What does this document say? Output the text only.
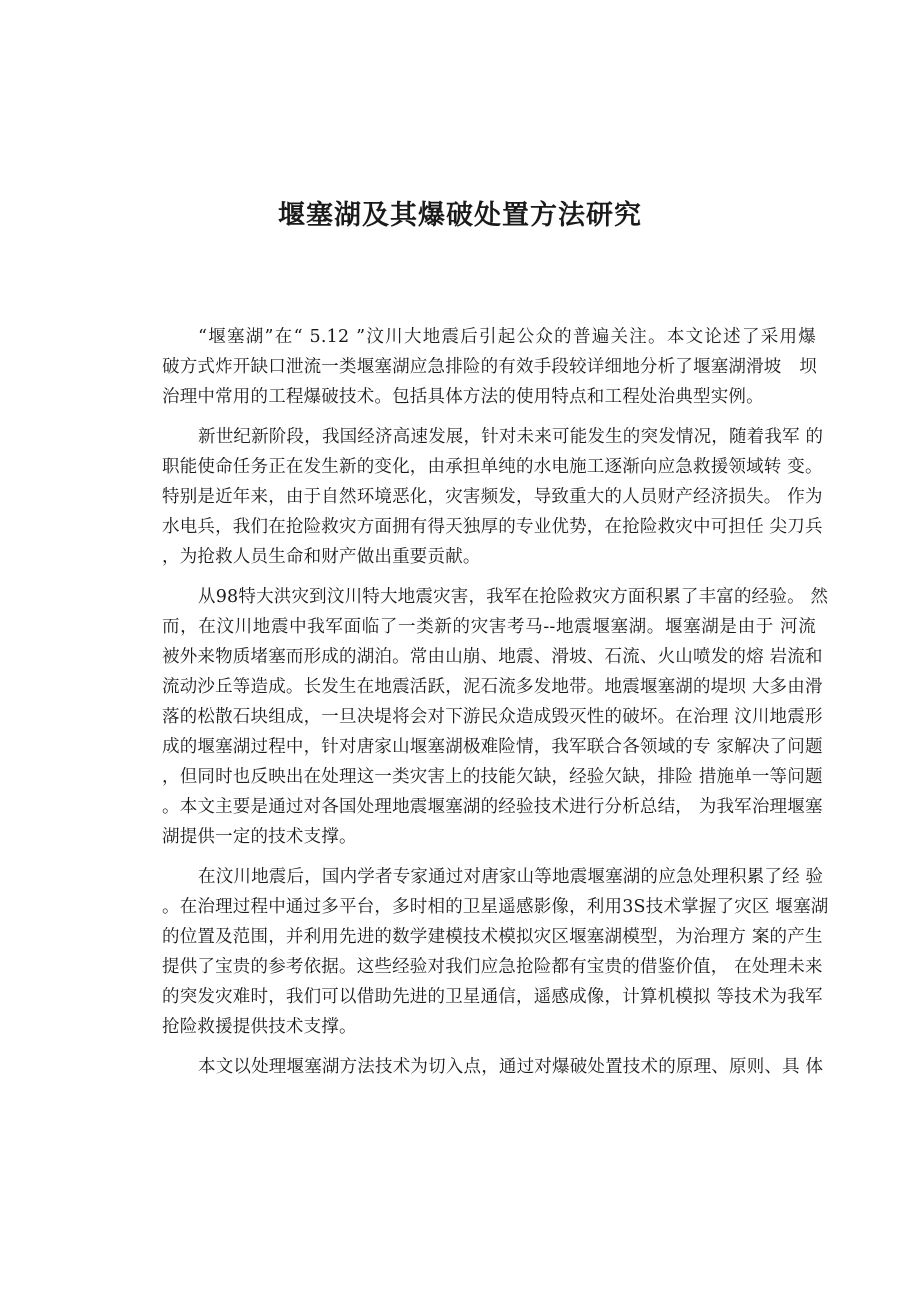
堰塞湖及其爆破处置方法研究
“堰塞湖”在“ 5.12 ”汶川大地震后引起公众的普遍关注。本文论述了采用爆
破方式炸开缺口泄流一类堰塞湖应急排险的有效手段较详细地分析了堰塞湖滑坡　坝
治理中常用的工程爆破技术。包括具体方法的使用特点和工程处治典型实例。
新世纪新阶段，我国经济高速发展，针对未来可能发生的突发情况，随着我军 的
职能使命任务正在发生新的变化，由承担单纯的水电施工逐渐向应急救援领域转 变。
特别是近年来，由于自然环境恶化，灾害频发，导致重大的人员财产经济损失。 作为
水电兵，我们在抢险救灾方面拥有得天独厚的专业优势，在抢险救灾中可担任 尖刀兵
，为抢救人员生命和财产做出重要贡献。
从98特大洪灾到汶川特大地震灾害，我军在抢险救灾方面积累了丰富的经验。 然
而，在汶川地震中我军面临了一类新的灾害考马--地震堰塞湖。堰塞湖是由于 河流
被外来物质堵塞而形成的湖泊。常由山崩、地震、滑坡、石流、火山喷发的熔 岩流和
流动沙丘等造成。长发生在地震活跃，泥石流多发地带。地震堰塞湖的堤坝 大多由滑
落的松散石块组成，一旦决堤将会对下游民众造成毁灭性的破坏。在治理 汶川地震形
成的堰塞湖过程中，针对唐家山堰塞湖极难险情，我军联合各领域的专 家解决了问题
，但同时也反映出在处理这一类灾害上的技能欠缺，经验欠缺，排险 措施单一等问题
。本文主要是通过对各国处理地震堰塞湖的经验技术进行分析总结， 为我军治理堰塞
湖提供一定的技术支撑。
在汶川地震后，国内学者专家通过对唐家山等地震堰塞湖的应急处理积累了经 验
。在治理过程中通过多平台，多时相的卫星遥感影像，利用3S技术掌握了灾区 堰塞湖
的位置及范围，并利用先进的数学建模技术模拟灾区堰塞湖模型，为治理方 案的产生
提供了宝贵的参考依据。这些经验对我们应急抢险都有宝贵的借鉴价值， 在处理未来
的突发灾难时，我们可以借助先进的卫星通信，遥感成像，计算机模拟 等技术为我军
抢险救援提供技术支撑。
本文以处理堰塞湖方法技术为切入点，通过对爆破处置技术的原理、原则、具 体
